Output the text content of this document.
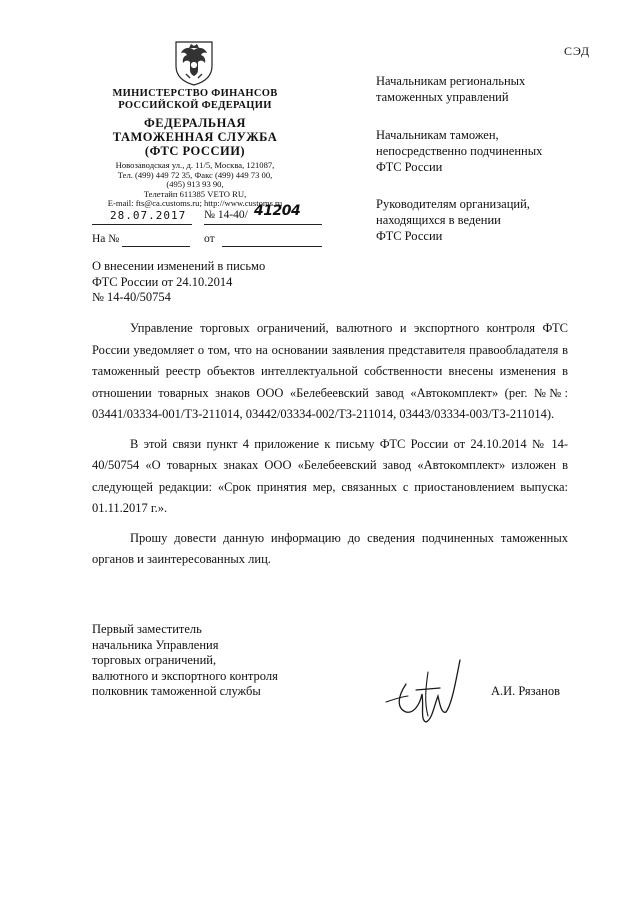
СЭД
МИНИСТЕРСТВО ФИНАНСОВ
РОССИЙСКОЙ ФЕДЕРАЦИИ
ФЕДЕРАЛЬНАЯ
ТАМОЖЕННАЯ СЛУЖБА
(ФТС РОССИИ)
Новозаводская ул., д. 11/5, Москва, 121087,
Тел. (499) 449 72 35, Факс (499) 449 73 00,
(495) 913 93 90,
Телетайп 611385 VETO RU,
E-mail: fts@ca.customs.ru; http://www.customs.ru
28.07.2017 № 14-40/ 41204
На №	от
Начальникам региональных
таможенных управлений
Начальникам таможен,
непосредственно подчиненных
ФТС России
Руководителям организаций,
находящихся в ведении
ФТС России
О внесении изменений в письмо
ФТС России от 24.10.2014
№ 14-40/50754

Управление торговых ограничений, валютного и экспортного контроля ФТС России уведомляет о том, что на основании заявления представителя правообладателя в таможенный реестр объектов интеллектуальной собственности внесены изменения в отношении товарных знаков ООО «Белебеевский завод «Автокомплект» (рег. №№: 03441/03334-001/ТЗ-211014, 03442/03334-002/ТЗ-211014, 03443/03334-003/ТЗ-211014).

В этой связи пункт 4 приложение к письму ФТС России от 24.10.2014 № 14-40/50754 «О товарных знаках ООО «Белебеевский завод «Автокомплект» изложен в следующей редакции: «Срок принятия мер, связанных с приостановлением выпуска: 01.11.2017 г.».

Прошу довести данную информацию до сведения подчиненных таможенных органов и заинтересованных лиц.

Первый заместитель
начальника Управления
торговых ограничений,
валютного и экспортного контроля
полковник таможенной службы	А.И. Рязанов
